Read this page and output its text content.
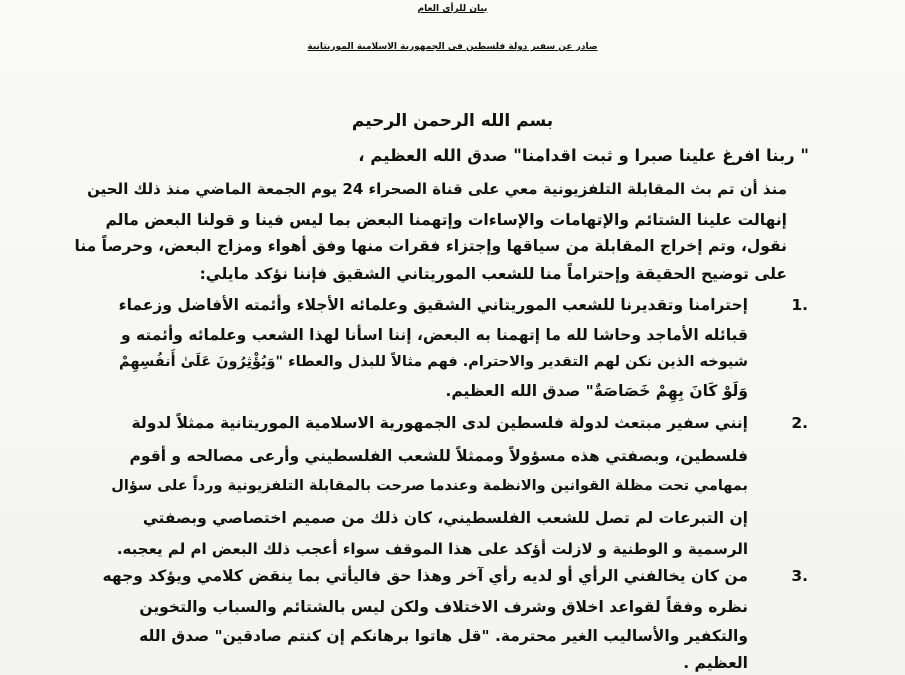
بيان للرأى العام
صادر عن سفير دولة فلسطين فى الجمهورية الاسلامية الموريتانية
بسم الله الرحمن الرحيم
" ربنا افرغ علينا صبرا و ثبت اقدامنا" صدق الله العظيم ،
منذ أن تم بث المقابلة التلفزيونية معي على قناة الصحراء 24 يوم الجمعة الماضي منذ ذلك الحين
إنهالت علينا الشتائم والإتهامات والإساءات وإتهمنا البعض بما ليس فينا و قولنا البعض مالم
نقول، وتم إخراج المقابلة من سياقها وإجتزاء فقرات منها وفق أهواء ومزاج البعض، وحرصاً منا
على توضيح الحقيقة وإحتراماً منا للشعب الموريتاني الشقيق فإننا نؤكد مايلي:
1.
إحترامنا وتقديرنا للشعب الموريتاني الشقيق وعلمائه الأجلاء وأئمته الأفاضل وزعماء
قبائله الأماجد وحاشا لله ما إتهمنا به البعض، إننا اسأنا لهذا الشعب وعلمائه وأئمته و
شيوخه الذين نكن لهم التقدير والاحترام. فهم مثالاً للبذل والعطاء "وَيُؤْثِرُونَ عَلَىٰ أَنفُسِهِمْ
وَلَوْ كَانَ بِهِمْ خَصَاصَةٌ" صدق الله العظيم.
2.
إنني سفير مبتعث لدولة فلسطين لدى الجمهورية الاسلامية الموريتانية ممثلاً لدولة
فلسطين، وبصفتي هذه مسؤولاً وممثلاً للشعب الفلسطيني وأرعى مصالحه و أقوم
بمهامي تحت مظلة القوانين والانظمة وعندما صرحت بالمقابلة التلفزيونية ورداً على سؤال
إن التبرعات لم تصل للشعب الفلسطيني، كان ذلك من صميم اختصاصي وبصفتي
الرسمية و الوطنية و لازلت أؤكد على هذا الموقف سواء أعجب ذلك البعض ام لم يعجبه.
3.
من كان يخالفني الرأي أو لديه رأي آخر وهذا حق فاليأتي بما ينقض كلامي ويؤكد وجهه
نظره وفقاً لقواعد اخلاق وشرف الاختلاف ولكن ليس بالشتائم والسباب والتخوين
والتكفير والأساليب الغير محترمة. "قل هاتوا برهانكم إن كنتم صادقين" صدق الله
العظيم .
